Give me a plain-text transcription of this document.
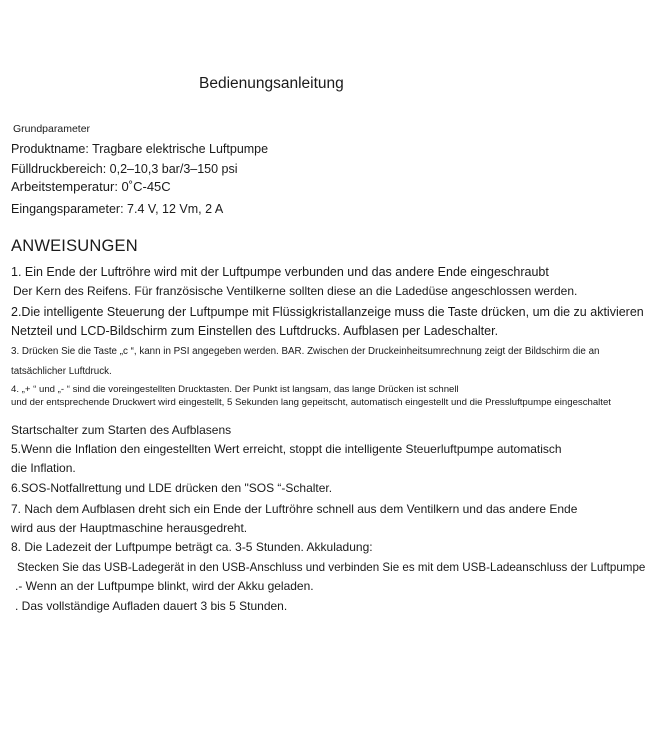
Bedienungsanleitung
Grundparameter
Produktname: Tragbare elektrische Luftpumpe
Fülldruckbereich: 0,2–10,3 bar/3–150 psi
Arbeitstemperatur: 0˚C-45C
Eingangsparameter: 7.4 V, 12 Vm, 2 A
ANWEISUNGEN
1. Ein Ende der Luftröhre wird mit der Luftpumpe verbunden und das andere Ende eingeschraubt
Der Kern des Reifens. Für französische Ventilkerne sollten diese an die Ladedüse angeschlossen werden.
2.Die intelligente Steuerung der Luftpumpe mit Flüssigkristallanzeige muss die Taste drücken, um die zu aktivieren
Netzteil und LCD-Bildschirm zum Einstellen des Luftdrucks. Aufblasen per Ladeschalter.
3. Drücken Sie die Taste „c “, kann in PSI angegeben werden. BAR. Zwischen der Druckeinheitsumrechnung zeigt der Bildschirm die an
tatsächlicher Luftdruck.
4. „+ “ und „- “ sind die voreingestellten Drucktasten. Der Punkt ist langsam, das lange Drücken ist schnell
und der entsprechende Druckwert wird eingestellt, 5 Sekunden lang gepeitscht, automatisch eingestellt und die Pressluftpumpe eingeschaltet
Startschalter zum Starten des Aufblasens
5.Wenn die Inflation den eingestellten Wert erreicht, stoppt die intelligente Steuerluftpumpe automatisch
die Inflation.
6.SOS-Notfallrettung und LDE drücken den "SOS “-Schalter.
7. Nach dem Aufblasen dreht sich ein Ende der Luftröhre schnell aus dem Ventilkern und das andere Ende
wird aus der Hauptmaschine herausgedreht.
8. Die Ladezeit der Luftpumpe beträgt ca. 3-5 Stunden. Akkuladung:
Stecken Sie das USB-Ladegerät in den USB-Anschluss und verbinden Sie es mit dem USB-Ladeanschluss der Luftpumpe
.- Wenn an der Luftpumpe blinkt, wird der Akku geladen.
. Das vollständige Aufladen dauert 3 bis 5 Stunden.
